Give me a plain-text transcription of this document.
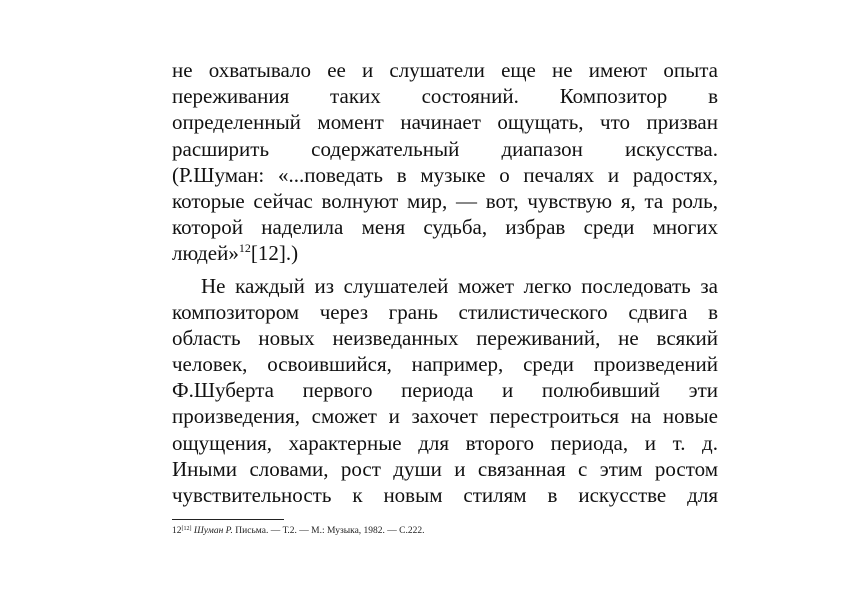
не охватывало ее и слушатели еще не имеют опыта
переживания таких состояний. Композитор в
определенный момент начинает ощущать, что призван
расширить содержательный диапазон искусства.
(Р.Шуман: «...поведать в музыке о печалях и радостях,
которые сейчас волнуют мир, — вот, чувствую я, та роль,
которой наделила меня судьба, избрав среди многих
людей»$^{12}$[12].)
Не каждый из слушателей может легко последовать за
композитором через грань стилистического сдвига в
область новых неизведанных переживаний, не всякий
человек, освоившийся, например, среди произведений
Ф.Шуберта первого периода и полюбивший эти
произведения, сможет и захочет перестроиться на новые
ощущения, характерные для второго периода, и т. д.
Иными словами, рост души и связанная с этим ростом
чувствительность к новым стилям в искусстве для
12[12] Шуман Р. Письма. — Т.2. — М.: Музыка, 1982. — С.222.
